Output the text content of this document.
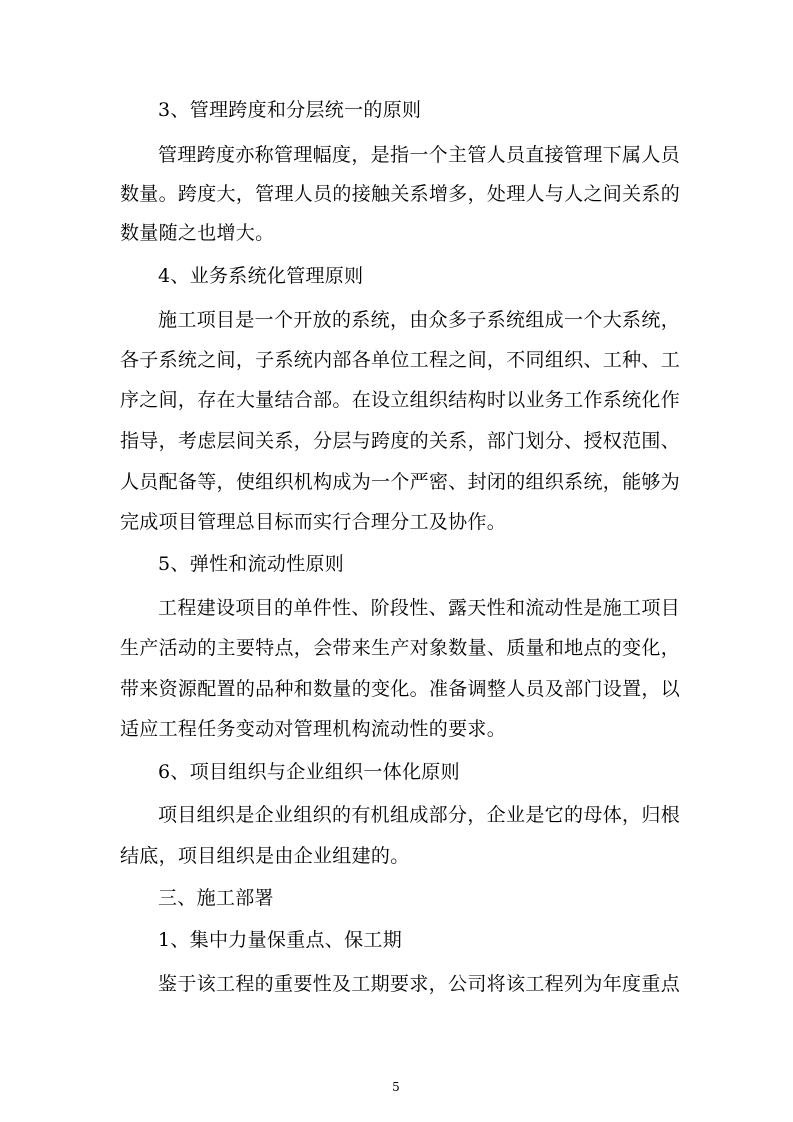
3、管理跨度和分层统一的原则
管理跨度亦称管理幅度，是指一个主管人员直接管理下属人员
数量。跨度大，管理人员的接触关系增多，处理人与人之间关系的
数量随之也增大。
4、业务系统化管理原则
施工项目是一个开放的系统，由众多子系统组成一个大系统，
各子系统之间，子系统内部各单位工程之间，不同组织、工种、工
序之间，存在大量结合部。在设立组织结构时以业务工作系统化作
指导，考虑层间关系，分层与跨度的关系，部门划分、授权范围、
人员配备等，使组织机构成为一个严密、封闭的组织系统，能够为
完成项目管理总目标而实行合理分工及协作。
5、弹性和流动性原则
工程建设项目的单件性、阶段性、露天性和流动性是施工项目
生产活动的主要特点，会带来生产对象数量、质量和地点的变化，
带来资源配置的品种和数量的变化。准备调整人员及部门设置，以
适应工程任务变动对管理机构流动性的要求。
6、项目组织与企业组织一体化原则
项目组织是企业组织的有机组成部分，企业是它的母体，归根
结底，项目组织是由企业组建的。
三、施工部署
1、集中力量保重点、保工期
鉴于该工程的重要性及工期要求，公司将该工程列为年度重点
5
